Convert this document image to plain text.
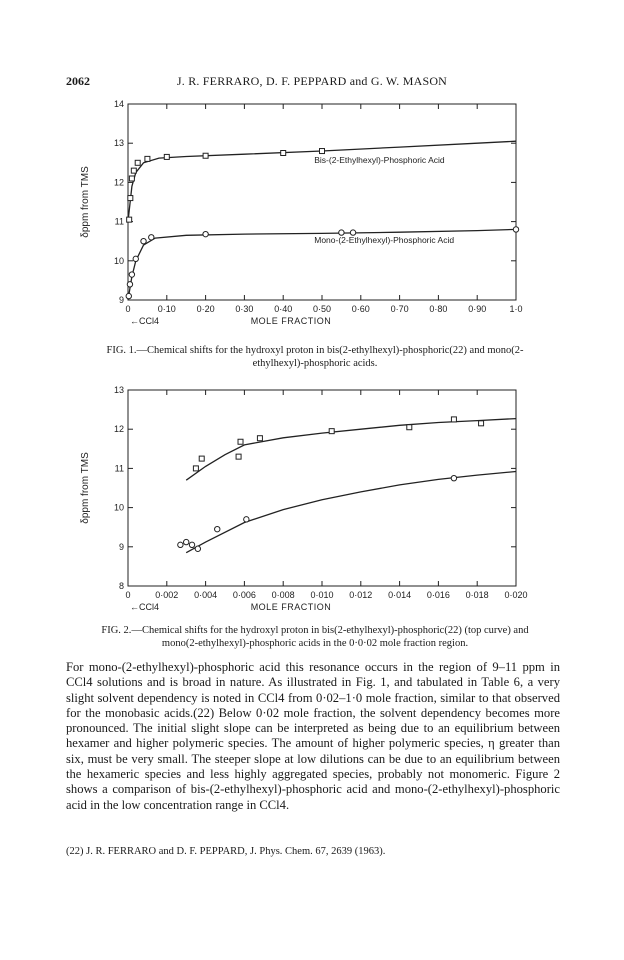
2062	J. R. FERRARO, D. F. PEPPARD and G. W. MASON
0	0·10 0·20 0·30 0·40 0·50 0·60 0·70 0·80 0·90	1·0
9
10
11
12
13
14
MOLE FRACTION
←CCl4
δppm from TMS
Bis-(2-Ethylhexyl)-Phosphoric Acid
Mono-(2-Ethylhexyl)-Phosphoric Acid
FIG. 1.—Chemical shifts for the hydroxyl proton in bis(2-ethylhexyl)-phosphoric(22) and mono(2-ethylhexyl)-phosphoric acids.
0	0·002 0·004 0·006 0·008 0·010 0·012 0·014 0·016 0·018 0·020
8
9
10
11
12
13
MOLE FRACTION
←CCl4
δppm from TMS
FIG. 2.—Chemical shifts for the hydroxyl proton in bis(2-ethylhexyl)-phosphoric(22) (top curve) and mono(2-ethylhexyl)-phosphoric acids in the 0·0·02 mole fraction region.
For mono-(2-ethylhexyl)-phosphoric acid this resonance occurs in the region of 9–11 ppm in CCl4 solutions and is broad in nature. As illustrated in Fig. 1, and tabulated in Table 6, a very slight solvent dependency is noted in CCl4 from 0·02–1·0 mole fraction, similar to that observed for the monobasic acids.(22) Below 0·02 mole fraction, the solvent dependency becomes more pronounced. The initial slight slope can be interpreted as being due to an equilibrium between hexamer and higher polymeric species. The amount of higher polymeric species, η greater than six, must be very small. The steeper slope at low dilutions can be due to an equilibrium between the hexameric species and less highly aggregated species, probably not monomeric. Figure 2 shows a comparison of bis-(2-ethylhexyl)-phosphoric acid and mono-(2-ethylhexyl)-phosphoric acid in the low concentration range in CCl4.
(22) J. R. FERRARO and D. F. PEPPARD, J. Phys. Chem. 67, 2639 (1963).
